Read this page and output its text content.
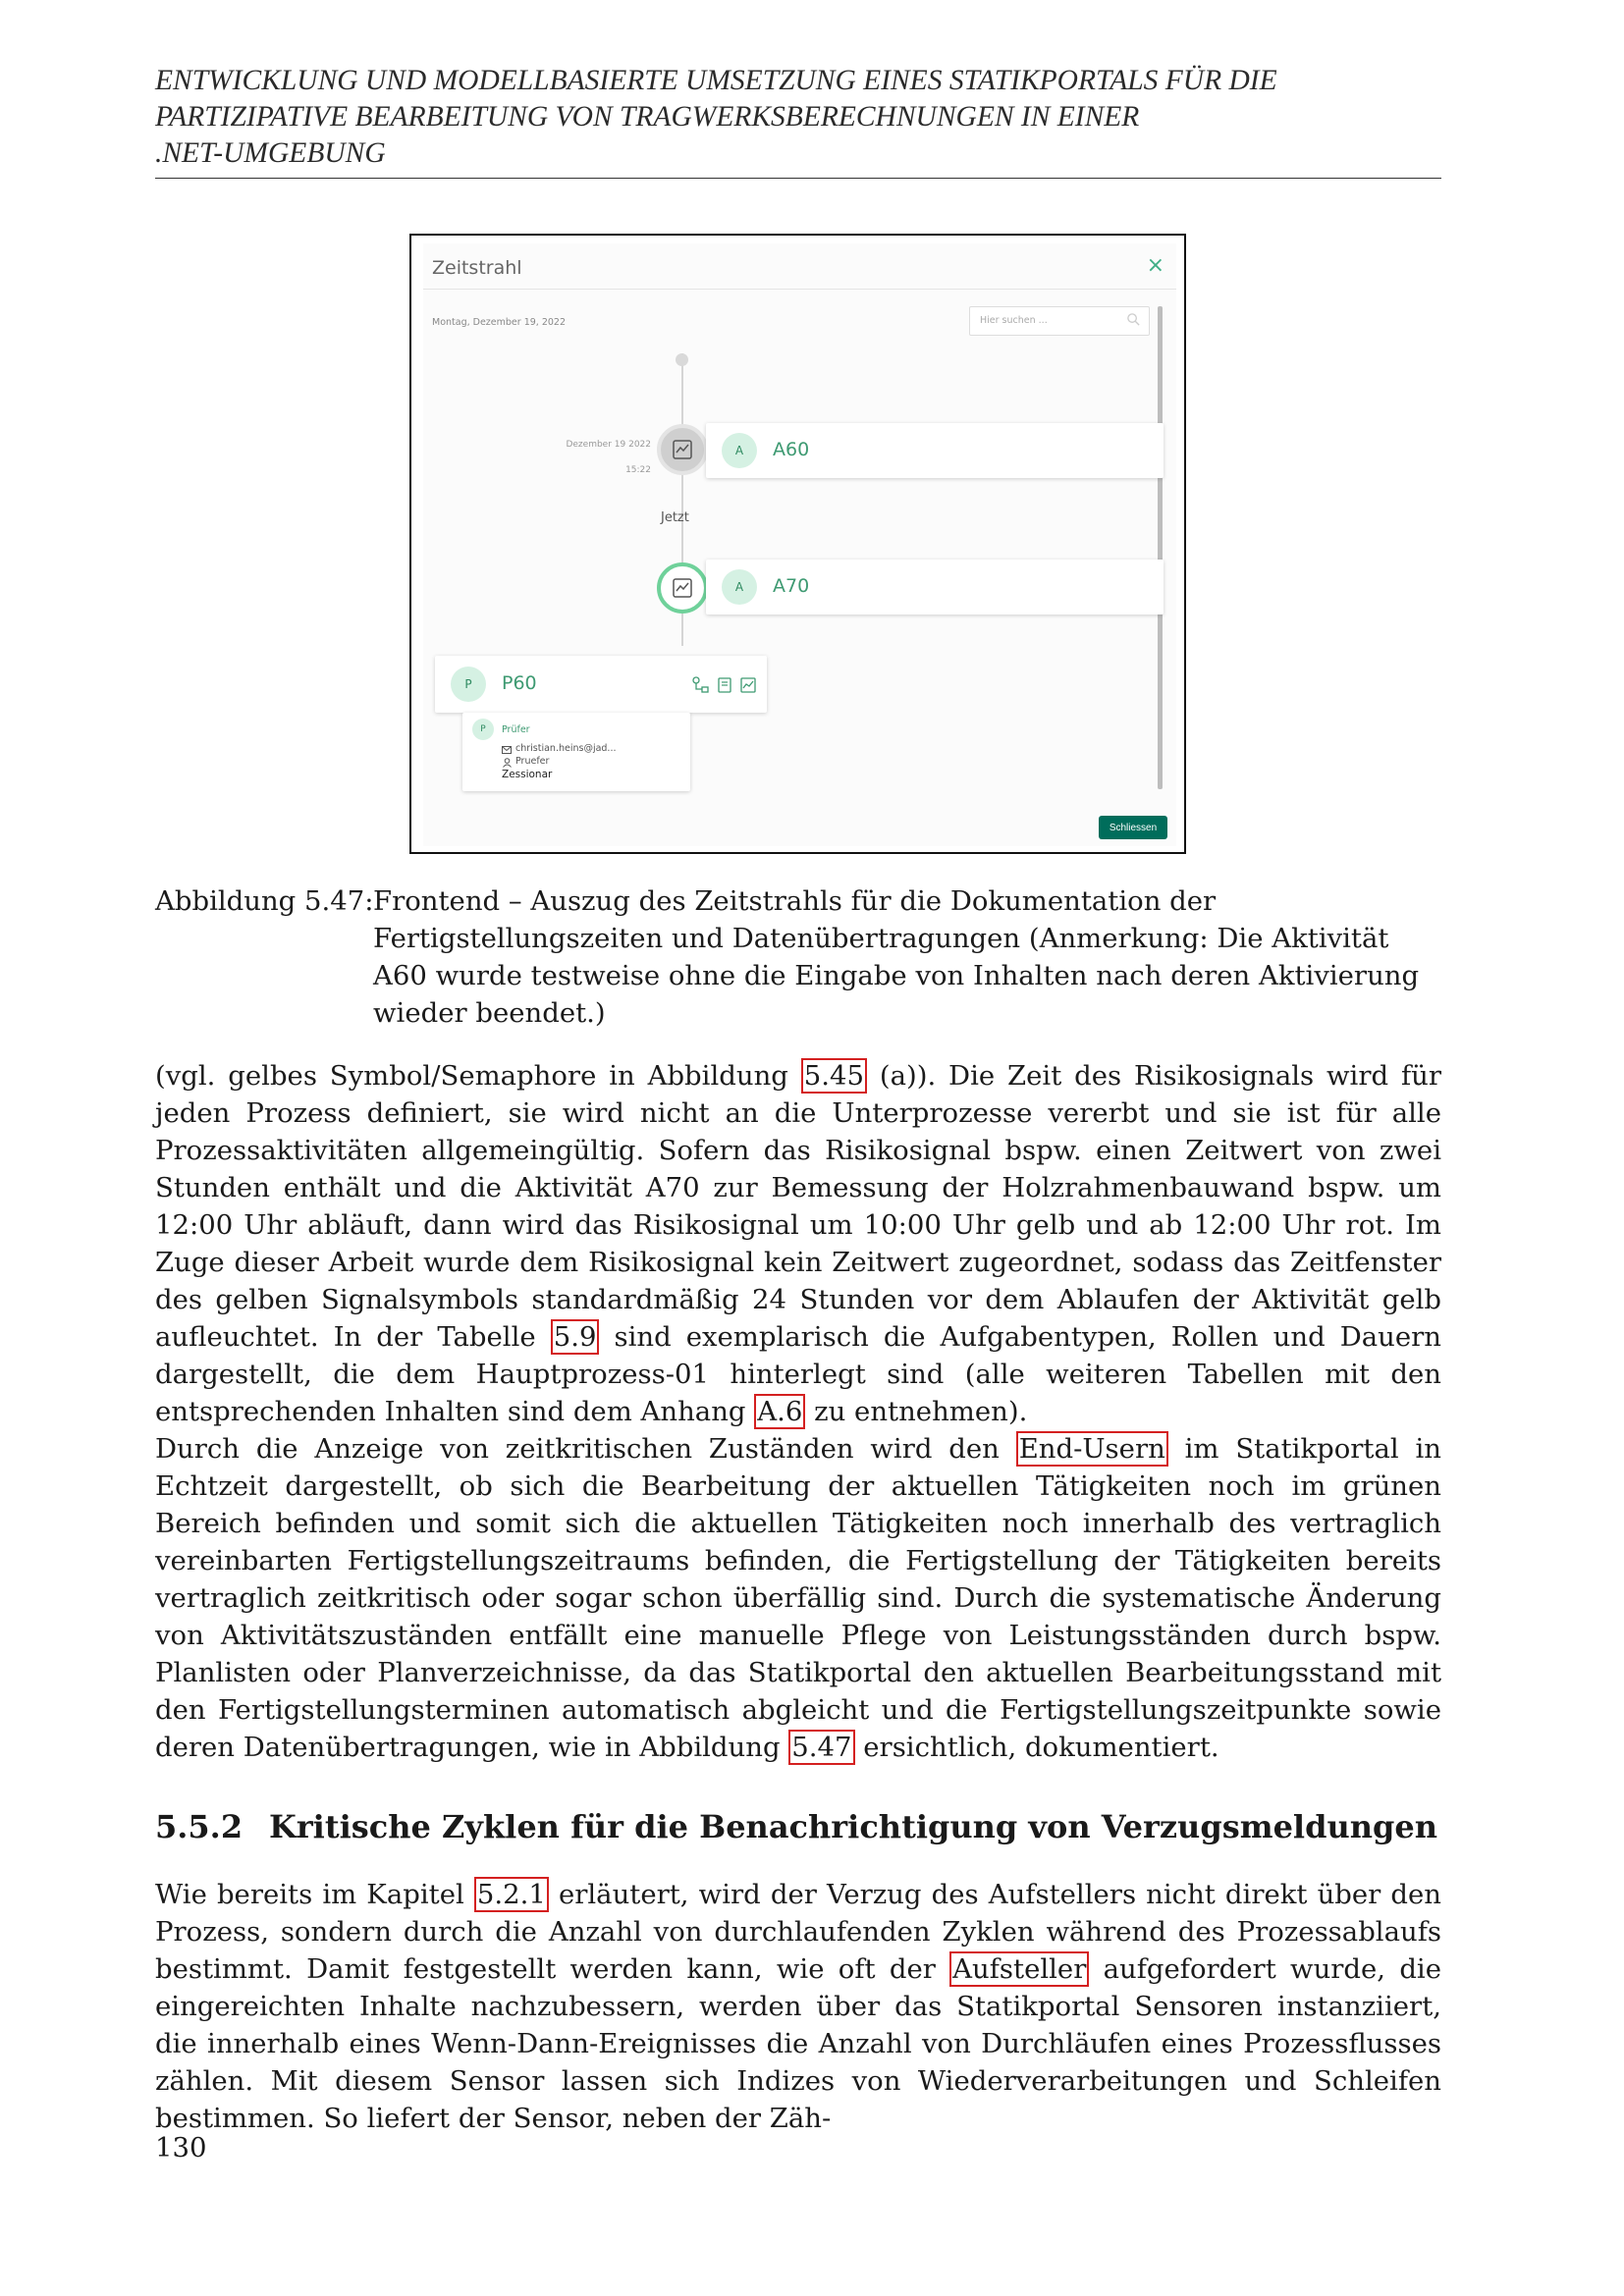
ENTWICKLUNG UND MODELLBASIERTE UMSETZUNG EINES STATIKPORTALS FÜR DIE
PARTIZIPATIVE BEARBEITUNG VON TRAGWERKSBERECHNUNGEN IN EINER
.NET-UMGEBUNG
Zeitstrahl	×
Montag, Dezember 19, 2022	Hier suchen ...
Dezember 19 2022
15:22
Jetzt
A	A60
A	A70
P	P60
P	Prüfer
christian.heins@jad...
Pruefer
Zessionar
Schliessen
Abbildung 5.47: Frontend – Auszug des Zeitstrahls für die Dokumentation der Fertigstellungszeiten und Datenübertragungen (Anmerkung: Die Aktivität A60 wurde testweise ohne die Eingabe von Inhalten nach deren Aktivierung wieder beendet.)
(vgl. gelbes Symbol/Semaphore in Abbildung 5.45 (a)). Die Zeit des Risikosignals wird für jeden Prozess definiert, sie wird nicht an die Unterprozesse vererbt und sie ist für alle Prozessaktivitäten allgemeingültig. Sofern das Risikosignal bspw. einen Zeitwert von zwei Stunden enthält und die Aktivität A70 zur Bemessung der Holzrahmenbauwand bspw. um 12:00 Uhr abläuft, dann wird das Risikosignal um 10:00 Uhr gelb und ab 12:00 Uhr rot. Im Zuge dieser Arbeit wurde dem Risikosignal kein Zeitwert zugeordnet, sodass das Zeitfenster des gelben Signalsymbols standardmäßig 24 Stunden vor dem Ablaufen der Aktivität gelb aufleuchtet. In der Tabelle 5.9 sind exemplarisch die Aufgabentypen, Rollen und Dauern dargestellt, die dem Hauptprozess-01 hinterlegt sind (alle weiteren Tabellen mit den entsprechenden Inhalten sind dem Anhang A.6 zu entnehmen).
Durch die Anzeige von zeitkritischen Zuständen wird den End-Usern im Statikportal in Echtzeit dargestellt, ob sich die Bearbeitung der aktuellen Tätigkeiten noch im grünen Bereich befinden und somit sich die aktuellen Tätigkeiten noch innerhalb des vertraglich vereinbarten Fertigstellungszeitraums befinden, die Fertigstellung der Tätigkeiten bereits vertraglich zeitkritisch oder sogar schon überfällig sind. Durch die systematische Änderung von Aktivitätszuständen entfällt eine manuelle Pflege von Leistungsständen durch bspw. Planlisten oder Planverzeichnisse, da das Statikportal den aktuellen Bearbeitungsstand mit den Fertigstellungsterminen automatisch abgleicht und die Fertigstellungszeitpunkte sowie deren Datenübertragungen, wie in Abbildung 5.47 ersichtlich, dokumentiert.
5.5.2 Kritische Zyklen für die Benachrichtigung von Verzugsmeldungen
Wie bereits im Kapitel 5.2.1 erläutert, wird der Verzug des Aufstellers nicht direkt über den Prozess, sondern durch die Anzahl von durchlaufenden Zyklen während des Prozessablaufs bestimmt. Damit festgestellt werden kann, wie oft der Aufsteller aufgefordert wurde, die eingereichten Inhalte nachzubessern, werden über das Statikportal Sensoren instanziiert, die innerhalb eines Wenn-Dann-Ereignisses die Anzahl von Durchläufen eines Prozessflusses zählen. Mit diesem Sensor lassen sich Indizes von Wiederverarbeitungen und Schleifen bestimmen. So liefert der Sensor, neben der Zäh-
130
